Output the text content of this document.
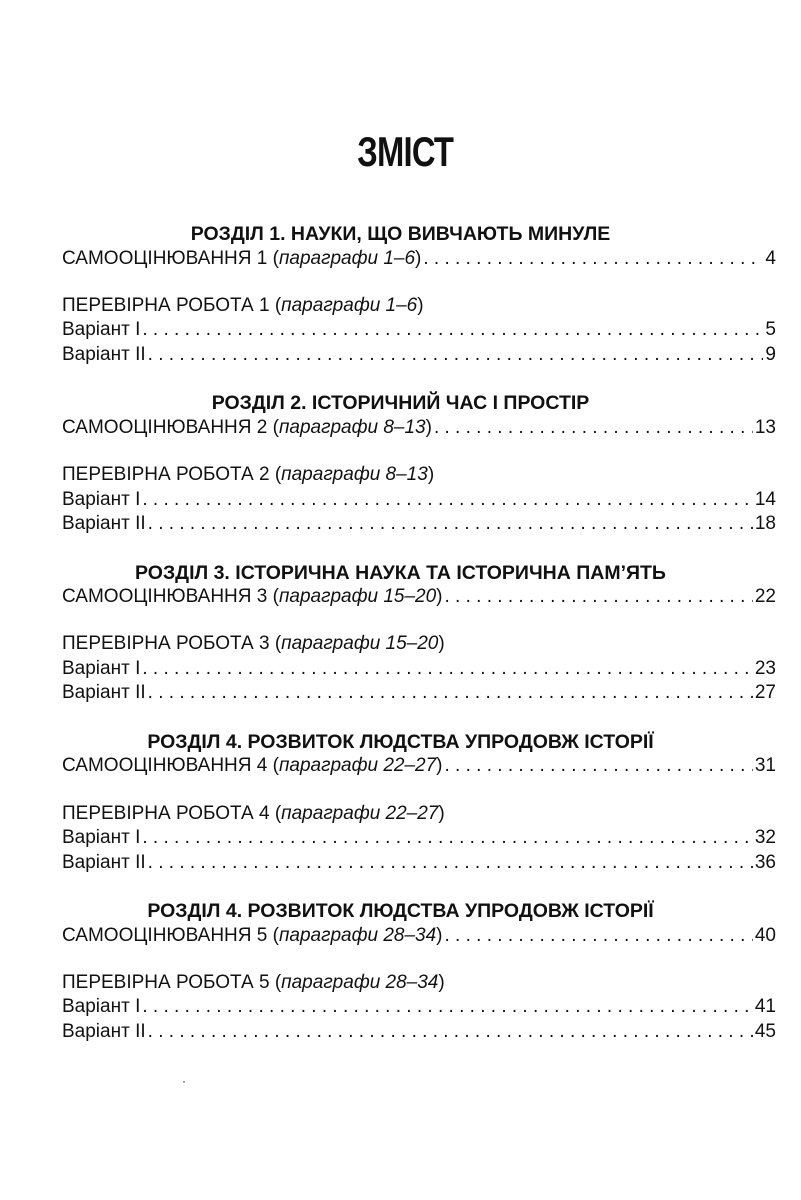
ЗМІСТ
РОЗДІЛ 1. НАУКИ, ЩО ВИВЧАЮТЬ МИНУЛЕ
САМООЦІНЮВАННЯ 1 (параграфи 1–6) . . .	4
ПЕРЕВІРНА РОБОТА 1 (параграфи 1–6)
Варіант I . . .	5
Варіант II . . .	9
РОЗДІЛ 2. ІСТОРИЧНИЙ ЧАС І ПРОСТІР
САМООЦІНЮВАННЯ 2 (параграфи 8–13) . . .	13
ПЕРЕВІРНА РОБОТА 2 (параграфи 8–13)
Варіант I . . .	14
Варіант II . . .	18
РОЗДІЛ 3. ІСТОРИЧНА НАУКА ТА ІСТОРИЧНА ПАМ’ЯТЬ
САМООЦІНЮВАННЯ 3 (параграфи 15–20) . . .	22
ПЕРЕВІРНА РОБОТА 3 (параграфи 15–20)
Варіант I . . .	23
Варіант II . . .	27
РОЗДІЛ 4. РОЗВИТОК ЛЮДСТВА УПРОДОВЖ ІСТОРІЇ
САМООЦІНЮВАННЯ 4 (параграфи 22–27) . . .	31
ПЕРЕВІРНА РОБОТА 4 (параграфи 22–27)
Варіант I . . .	32
Варіант II . . .	36
РОЗДІЛ 4. РОЗВИТОК ЛЮДСТВА УПРОДОВЖ ІСТОРІЇ
САМООЦІНЮВАННЯ 5 (параграфи 28–34) . . .	40
ПЕРЕВІРНА РОБОТА 5 (параграфи 28–34)
Варіант I . . .	41
Варіант II . . .	45
